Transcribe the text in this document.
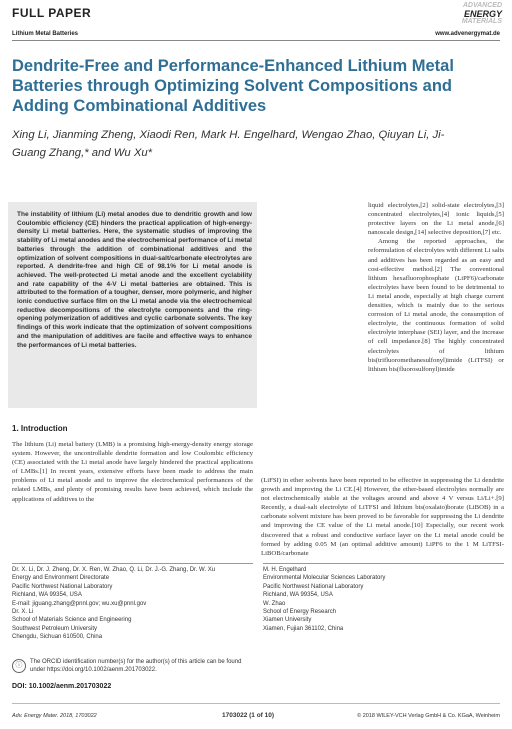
FULL PAPER
ADVANCED
ENERGY
MATERIALS
Lithium Metal Batteries	www.advenergymat.de
Dendrite-Free and Performance-Enhanced Lithium Metal Batteries through Optimizing Solvent Compositions and Adding Combinational Additives
Xing Li, Jianming Zheng, Xiaodi Ren, Mark H. Engelhard, Wengao Zhao, Qiuyan Li, Ji-Guang Zhang,* and Wu Xu*

The instability of lithium (Li) metal anodes due to dendritic growth and low Coulombic efficiency (CE) hinders the practical application of high-energy-density Li metal batteries. Here, the systematic studies of improving the stability of Li metal anodes and the electrochemical performance of Li metal batteries through the addition of combinational additives and the optimization of solvent compositions in dual-salt/carbonate electrolytes are reported. A dendrite-free and high CE of 98.1% for Li metal anode is achieved. The well-protected Li metal anode and the excellent cyclability and rate capability of the 4-V Li metal batteries are obtained. This is attributed to the formation of a tougher, denser, more polymeric, and higher ionic conductive surface film on the Li metal anode via the electrochemical reductive decompositions of the electrolyte components and the ring-opening polymerization of additives and cyclic carbonate solvents. The key findings of this work indicate that the optimization of solvent compositions and the manipulation of additives are facile and effective ways to enhance the performances of Li metal batteries.

liquid electrolytes,[2] solid-state electrolytes,[3] concentrated electrolytes,[4] ionic liquids,[5] protective layers on the Li metal anode,[6] nanoscale design,[14] selective deposition,[7] etc.

Among the reported approaches, the reformulation of electrolytes with different Li salts and additives has been regarded as an easy and cost-effective method.[2] The conventional lithium hexafluorophosphate (LiPF6)/carbonate electrolytes have been found to be detrimental to Li metal anode, especially at high charge current densities, which is mainly due to the serious corrosion of Li metal anode, the consumption of electrolyte, the continuous formation of solid electrolyte interphase (SEI) layer, and the increase of cell impedance.[8] The highly concentrated electrolytes of lithium bis(trifluoromethanesulfonyl)imide (LiTFSI) or lithium bis(fluorosulfonyl)imide

1. Introduction

The lithium (Li) metal battery (LMB) is a promising high-energy-density energy storage system. However, the uncontrollable dendrite formation and low Coulombic efficiency (CE) associated with the Li metal anode have largely hindered the practical applications of LMBs.[1] In recent years, extensive efforts have been made to address the main problems of Li metal anode and to improve the electrochemical performances of the related LMBs, and plenty of promising results have been achieved, which include the applications of additives to the

(LiFSI) in ether solvents have been reported to be effective in suppressing the Li dendrite growth and improving the Li CE.[4] However, the ether-based electrolytes normally are not electrochemically stable at the voltages around and above 4 V versus Li/Li+.[9] Recently, a dual-salt electrolyte of LiTFSI and lithium bis(oxalato)borate (LiBOB) in a carbonate solvent mixture has been proved to be favorable for suppressing the Li dendrite and improving the CE value of the Li metal anode.[10] Especially, our recent work discovered that a robust and conductive surface layer on the Li metal anode could be formed by adding 0.05 M (an optimal additive amount) LiPF6 to the 1 M LiTFSI-LiBOB/carbonate

Dr. X. Li, Dr. J. Zheng, Dr. X. Ren, W. Zhao, Q. Li, Dr. J.-G. Zhang, Dr. W. Xu
Energy and Environment Directorate
Pacific Northwest National Laboratory
Richland, WA 99354, USA
E-mail: jiguang.zhang@pnnl.gov; wu.xu@pnnl.gov
Dr. X. Li
School of Materials Science and Engineering
Southwest Petroleum University
Chengdu, Sichuan 610500, China
M. H. Engelhard
Environmental Molecular Sciences Laboratory
Pacific Northwest National Laboratory
Richland, WA 99354, USA
W. Zhao
School of Energy Research
Xiamen University
Xiamen, Fujian 361102, China
ⓘ	The ORCID identification number(s) for the author(s) of this article can be found under https://doi.org/10.1002/aenm.201703022.
DOI: 10.1002/aenm.201703022
Adv. Energy Mater. 2018, 1703022	1703022 (1 of 10)	© 2018 WILEY-VCH Verlag GmbH & Co. KGaA, Weinheim
